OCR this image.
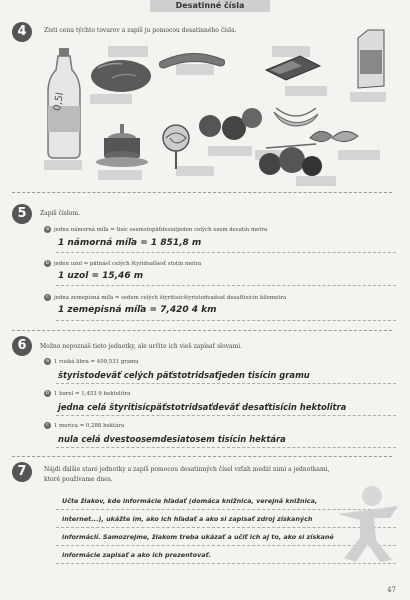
Desatinné čísla
4	Zisti cenu týchto tovarov a zapíš ju pomocou desatinného čísla.
0,5l
5	Zapíš číslom.
a jedna námorná míľa = tisíc osemstopäťdesiatjeden celých osem desatín metra
1 námorná míľa = 1 851,8 m
b jeden uzol = pätnásť celých štyridsaťšesť stotín metra
1 uzol = 15,46 m
c jedna zemepisná míľa = sedem celých štyritisícštyristodvadsať desaťtisícin kilometra
1 zemepisná míľa = 7,420 4 km
6	Možno nepoznáš tieto jednotky, ale určite ich vieš zapísať slovami.
a 1 ruská libra = 409,531 gramu
štyristodeväť celých päťstotridsaťjeden tisícin gramu
b 1 barel = 1,453 9 hektolitra
jedna celá štyritisícpäťstotridsaťdeväť desaťtisícin hektolitra
c 1 merica = 0,288 hektára
nula celá dvestoosemdesiatosem tisícin hektára
7	Nájdi ďalšie staré jednotky a zapíš pomocou desatinných čísel vzťah medzi nimi a jednotkami,
ktoré používame dnes.
Učte žiakov, kde informácie hľadať (domáca knižnica, verejná knižnica,
internet...), ukážte im, ako ich hľadať a ako si zapisať zdroj získaných
informácií. Samozrejme, žiakom treba ukázať a učiť ich aj to, ako si získané
informácie zapisať a ako ich prezentovať.
47
